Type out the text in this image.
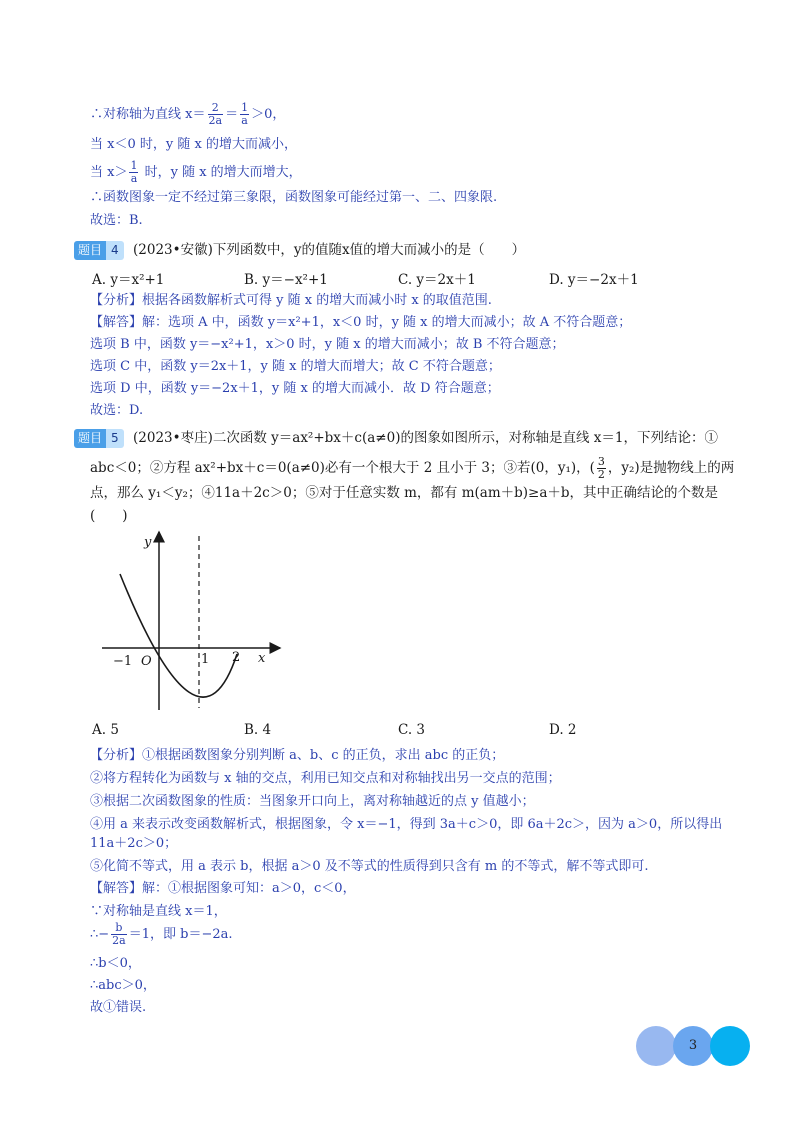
∴对称轴为直线 $x= \frac{2}{2a} = \frac{1}{a} >0$，
当 x＜0 时，y 随 x 的增大而减小，
当 $x> \frac{1}{a}$ 时，y 随 x 的增大而增大，
∴函数图象一定不经过第三象限，函数图象可能经过第一、二、四象限.
故选：B.
题目 4	(2023•安徽)下列函数中，y的值随x值的增大而减小的是（　　）
A. y＝x²+1	B. y＝−x²+1	C. y＝2x＋1	D. y＝−2x＋1
【分析】根据各函数解析式可得 y 随 x 的增大而减小时 x 的取值范围.
【解答】解：选项 A 中，函数 y＝x²+1，x＜0 时，y 随 x 的增大而减小；故 A 不符合题意；
选项 B 中，函数 y＝−x²+1，x＞0 时，y 随 x 的增大而减小；故 B 不符合题意；
选项 C 中，函数 y＝2x＋1，y 随 x 的增大而增大；故 C 不符合题意；
选项 D 中，函数 y＝−2x＋1，y 随 x 的增大而减小．故 D 符合题意；
故选：D.
题目 5	(2023•枣庄)二次函数 y＝ax²+bx＋c(a≠0)的图象如图所示，对称轴是直线 x＝1，下列结论：①
abc＜0；②方程 ax²+bx＋c＝0(a≠0)必有一个根大于 2 且小于 3；③若(0，y₁)，( $\frac{3}{2}$ ，y₂)是抛物线上的两
点，那么 y₁＜y₂；④11a＋2c＞0；⑤对于任意实数 m，都有 m(am＋b)≥a＋b，其中正确结论的个数是
(　　)
y
x
O
−1	1 2
A. 5	B. 4	C. 3	D. 2
【分析】①根据函数图象分别判断 a、b、c 的正负，求出 abc 的正负；
②将方程转化为函数与 x 轴的交点，利用已知交点和对称轴找出另一交点的范围；
③根据二次函数图象的性质：当图象开口向上，离对称轴越近的点 y 值越小；
④用 a 来表示改变函数解析式，根据图象，令 x＝−1，得到 3a＋c＞0，即 6a＋2c＞，因为 a＞0，所以得出
11a＋2c＞0；
⑤化简不等式，用 a 表示 b，根据 a＞0 及不等式的性质得到只含有 m 的不等式，解不等式即可.
【解答】解：①根据图象可知：a＞0，c＜0，
∵对称轴是直线 x＝1，
∴− $\frac{b}{2a} =1$，即 b＝−2a.
∴b＜0，
∴abc＞0，
故①错误.
3
